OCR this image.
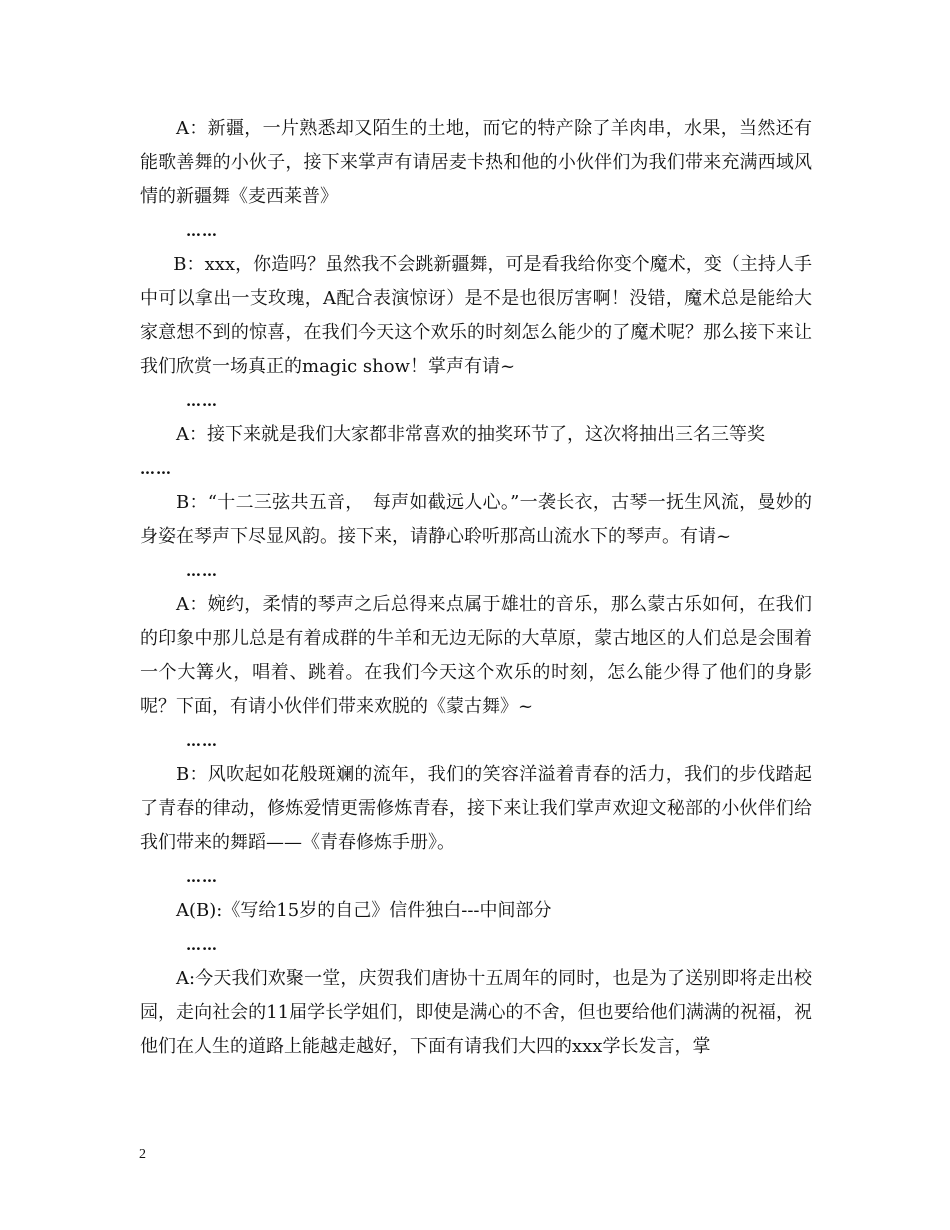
A：新疆，一片熟悉却又陌生的土地，而它的特产除了羊肉串，水果，当然还有能歌善舞的小伙子，接下来掌声有请居麦卡热和他的小伙伴们为我们带来充满西域风情的新疆舞《麦西莱普》

……

B：xxx，你造吗？虽然我不会跳新疆舞，可是看我给你变个魔术，变（主持人手中可以拿出一支玫瑰，A配合表演惊讶）是不是也很厉害啊！没错，魔术总是能给大家意想不到的惊喜，在我们今天这个欢乐的时刻怎么能少的了魔术呢？那么接下来让我们欣赏一场真正的magic show！掌声有请~

……

A：接下来就是我们大家都非常喜欢的抽奖环节了，这次将抽出三名三等奖

……

B：“十二三弦共五音，　每声如截远人心。”一袭长衣，古琴一抚生风流，曼妙的身姿在琴声下尽显风韵。接下来，请静心聆听那高山流水下的琴声。有请~

……

A：婉约，柔情的琴声之后总得来点属于雄壮的音乐，那么蒙古乐如何，在我们的印象中那儿总是有着成群的牛羊和无边无际的大草原，蒙古地区的人们总是会围着一个大篝火，唱着、跳着。在我们今天这个欢乐的时刻，怎么能少得了他们的身影呢？下面，有请小伙伴们带来欢脱的《蒙古舞》~

……

B：风吹起如花般斑斓的流年，我们的笑容洋溢着青春的活力，我们的步伐踏起了青春的律动，修炼爱情更需修炼青春，接下来让我们掌声欢迎文秘部的小伙伴们给我们带来的舞蹈——《青春修炼手册》。

……

A(B):《写给15岁的自己》信件独白---中间部分

……

A:今天我们欢聚一堂，庆贺我们唐协十五周年的同时，也是为了送别即将走出校园，走向社会的11届学长学姐们，即使是满心的不舍，但也要给他们满满的祝福，祝他们在人生的道路上能越走越好，下面有请我们大四的xxx学长发言，掌

2
